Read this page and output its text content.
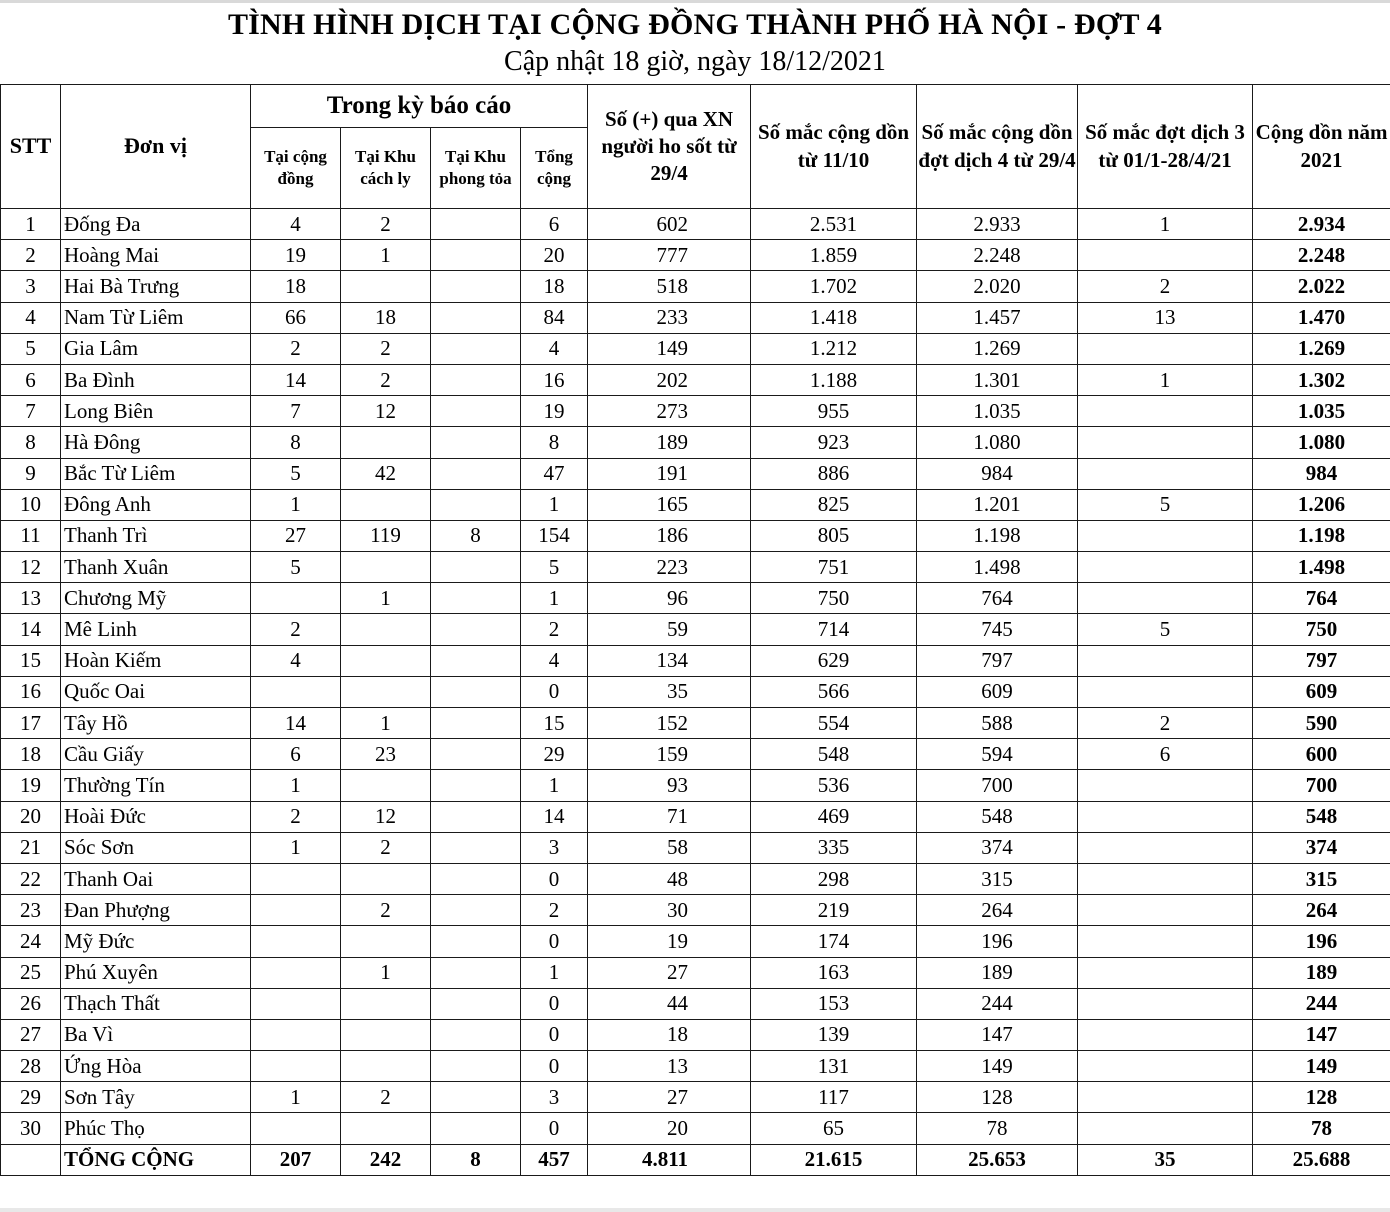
TÌNH HÌNH DỊCH TẠI CỘNG ĐỒNG THÀNH PHỐ HÀ NỘI - ĐỢT 4
Cập nhật 18 giờ, ngày 18/12/2021
STT	Đơn vị	Trong kỳ báo cáo				Số (+) qua XN người ho sốt từ 29/4	Số mắc cộng dồn từ 11/10	Số mắc cộng dồn đợt dịch 4 từ 29/4	Số mắc đợt dịch 3 từ 01/1-28/4/21	Cộng dồn năm 2021
		Tại cộng đồng	Tại Khu cách ly	Tại Khu phong tỏa	Tổng cộng					
1	Đống Đa	4	2		6	602	2.531	2.933	1	2.934
2	Hoàng Mai	19	1		20	777	1.859	2.248		2.248
3	Hai Bà Trưng	18			18	518	1.702	2.020	2	2.022
4	Nam Từ Liêm	66	18		84	233	1.418	1.457	13	1.470
5	Gia Lâm	2	2		4	149	1.212	1.269		1.269
6	Ba Đình	14	2		16	202	1.188	1.301	1	1.302
7	Long Biên	7	12		19	273	955	1.035		1.035
8	Hà Đông	8			8	189	923	1.080		1.080
9	Bắc Từ Liêm	5	42		47	191	886	984		984
10	Đông Anh	1			1	165	825	1.201	5	1.206
11	Thanh Trì	27	119	8	154	186	805	1.198		1.198
12	Thanh Xuân	5			5	223	751	1.498		1.498
13	Chương Mỹ		1		1	96	750	764		764
14	Mê Linh	2			2	59	714	745	5	750
15	Hoàn Kiếm	4			4	134	629	797		797
16	Quốc Oai				0	35	566	609		609
17	Tây Hồ	14	1		15	152	554	588	2	590
18	Cầu Giấy	6	23		29	159	548	594	6	600
19	Thường Tín	1			1	93	536	700		700
20	Hoài Đức	2	12		14	71	469	548		548
21	Sóc Sơn	1	2		3	58	335	374		374
22	Thanh Oai				0	48	298	315		315
23	Đan Phượng		2		2	30	219	264		264
24	Mỹ Đức				0	19	174	196		196
25	Phú Xuyên		1		1	27	163	189		189
26	Thạch Thất				0	44	153	244		244
27	Ba Vì				0	18	139	147		147
28	Ứng Hòa				0	13	131	149		149
29	Sơn Tây	1	2		3	27	117	128		128
30	Phúc Thọ				0	20	65	78		78
	TỔNG CỘNG	207	242	8	457	4.811	21.615	25.653	35	25.688
